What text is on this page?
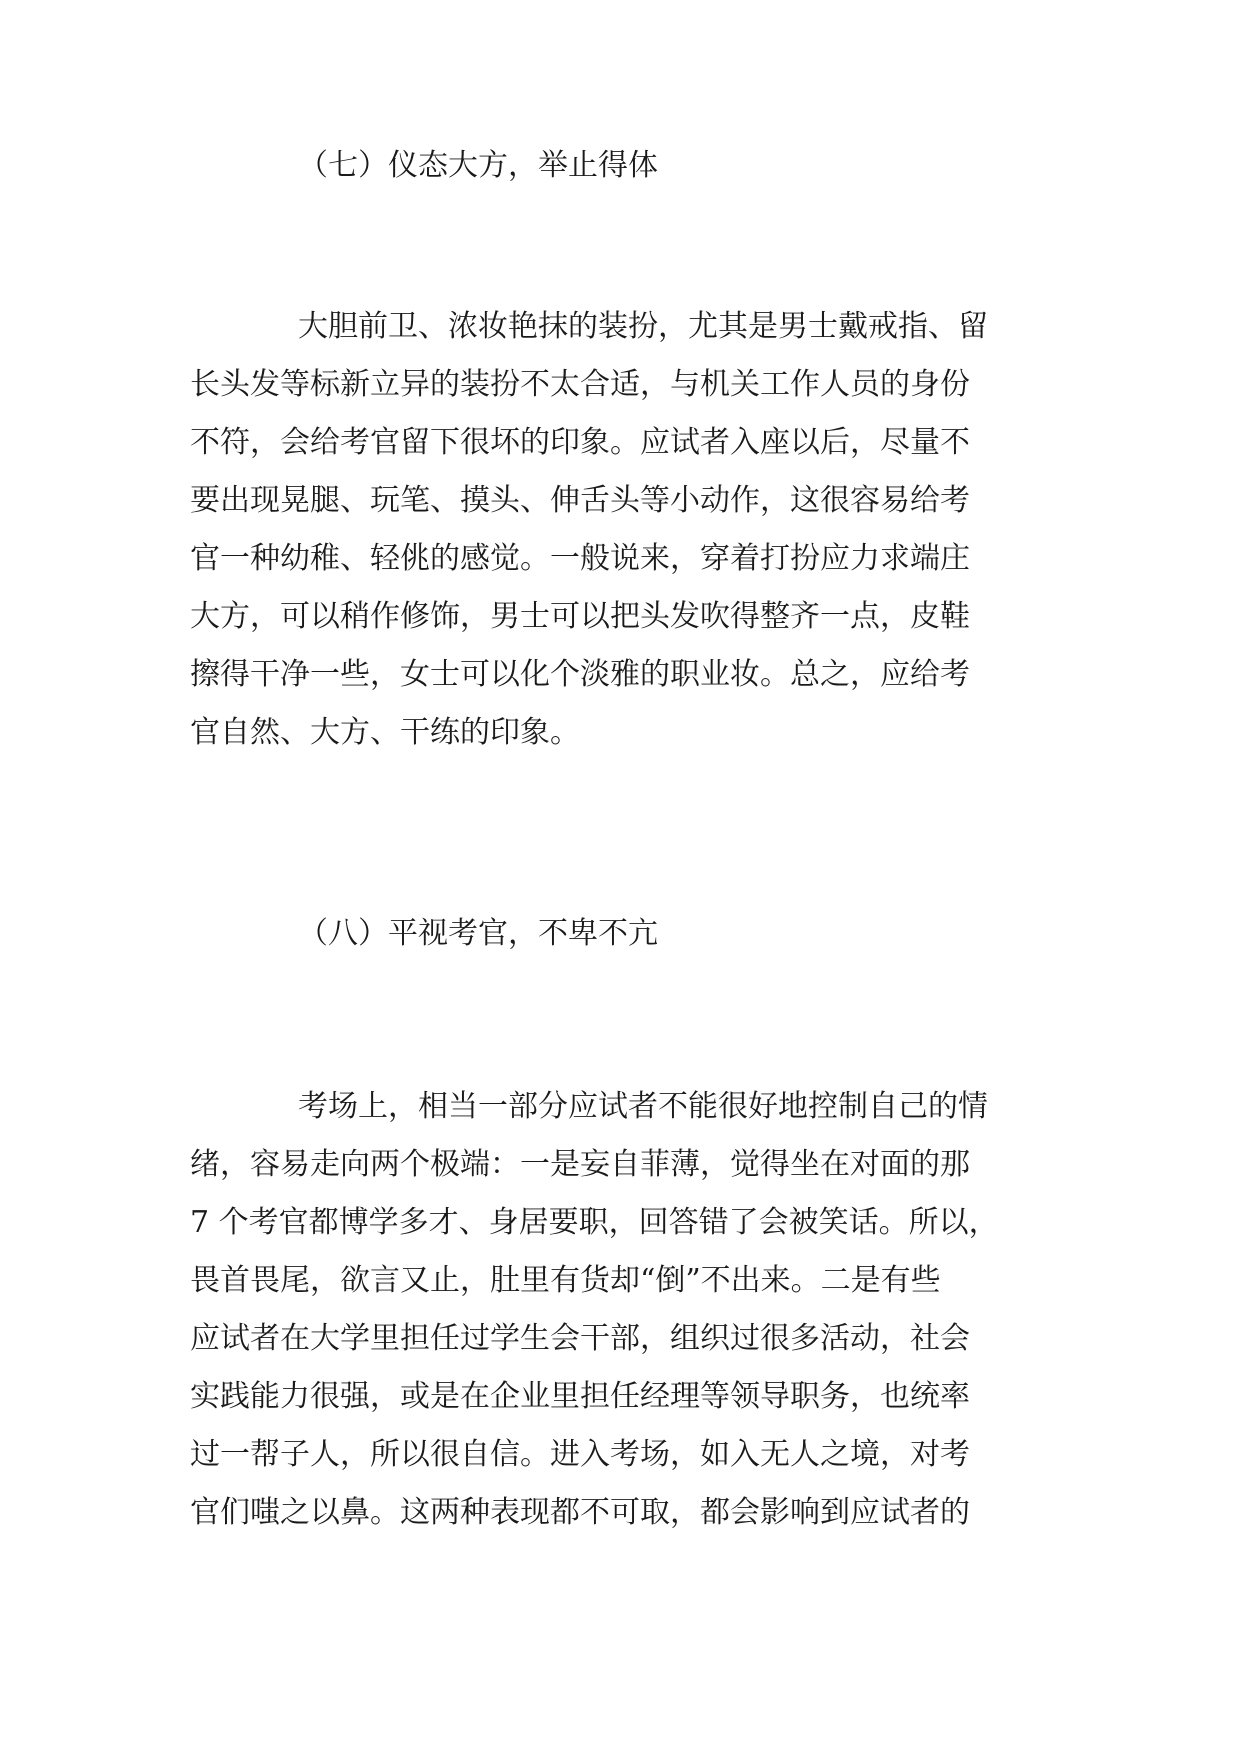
（七）仪态大方，举止得体
大胆前卫、浓妆艳抹的装扮，尤其是男士戴戒指、留
长头发等标新立异的装扮不太合适，与机关工作人员的身份
不符，会给考官留下很坏的印象。应试者入座以后，尽量不
要出现晃腿、玩笔、摸头、伸舌头等小动作，这很容易给考
官一种幼稚、轻佻的感觉。一般说来，穿着打扮应力求端庄
大方，可以稍作修饰，男士可以把头发吹得整齐一点，皮鞋
擦得干净一些，女士可以化个淡雅的职业妆。总之，应给考
官自然、大方、干练的印象。
（八）平视考官，不卑不亢
考场上，相当一部分应试者不能很好地控制自己的情
绪，容易走向两个极端：一是妄自菲薄，觉得坐在对面的那
7 个考官都博学多才、身居要职，回答错了会被笑话。所以，
畏首畏尾，欲言又止，肚里有货却“倒”不出来。二是有些
应试者在大学里担任过学生会干部，组织过很多活动，社会
实践能力很强，或是在企业里担任经理等领导职务，也统率
过一帮子人，所以很自信。进入考场，如入无人之境，对考
官们嗤之以鼻。这两种表现都不可取，都会影响到应试者的
